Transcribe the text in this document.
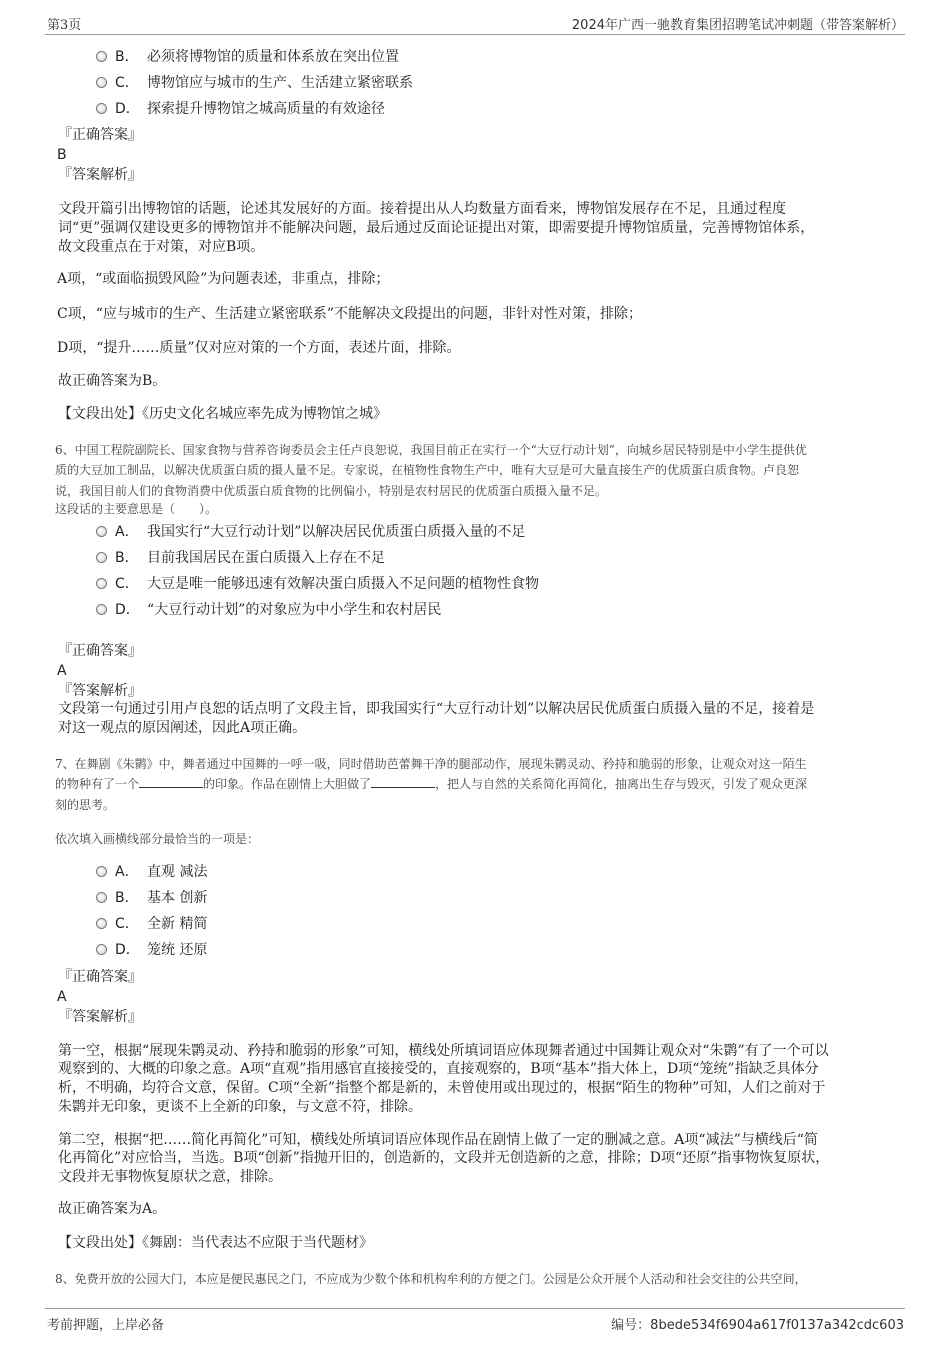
第3页	2024年广西一驰教育集团招聘笔试冲刺题（带答案解析）
B． 必须将博物馆的质量和体系放在突出位置
C． 博物馆应与城市的生产、生活建立紧密联系
D． 探索提升博物馆之城高质量的有效途径
『正确答案』
B
『答案解析』
文段开篇引出博物馆的话题，论述其发展好的方面。接着提出从人均数量方面看来，博物馆发展存在不足，且通过程度
词“更”强调仅建设更多的博物馆并不能解决问题，最后通过反面论证提出对策，即需要提升博物馆质量，完善博物馆体系，
故文段重点在于对策，对应B项。
A项，“或面临损毁风险”为问题表述，非重点，排除；
C项，“应与城市的生产、生活建立紧密联系”不能解决文段提出的问题，非针对性对策，排除；
D项，“提升……质量”仅对应对策的一个方面，表述片面，排除。
故正确答案为B。
【文段出处】《历史文化名城应率先成为博物馆之城》
6、中国工程院副院长、国家食物与营养咨询委员会主任卢良恕说，我国目前正在实行一个“大豆行动计划”，向城乡居民特别是中小学生提供优
质的大豆加工制品，以解决优质蛋白质的摄人量不足。专家说，在植物性食物生产中，唯有大豆是可大量直接生产的优质蛋白质食物。卢良恕
说，我国目前人们的食物消费中优质蛋白质食物的比例偏小，特别是农村居民的优质蛋白质摄入量不足。
这段话的主要意思是（　　）。
A． 我国实行“大豆行动计划”以解决居民优质蛋白质摄入量的不足
B． 目前我国居民在蛋白质摄入上存在不足
C． 大豆是唯一能够迅速有效解决蛋白质摄入不足问题的植物性食物
D． “大豆行动计划”的对象应为中小学生和农村居民
『正确答案』
A
『答案解析』
文段第一句通过引用卢良恕的话点明了文段主旨，即我国实行“大豆行动计划”以解决居民优质蛋白质摄入量的不足，接着是
对这一观点的原因阐述，因此A项正确。
7、在舞剧《朱鹮》中，舞者通过中国舞的一呼一吸，同时借助芭蕾舞干净的腿部动作，展现朱鹮灵动、矜持和脆弱的形象，让观众对这一陌生
的物种有了一个	的印象。作品在剧情上大胆做了	，把人与自然的关系简化再简化，抽离出生存与毁灭，引发了观众更深
刻的思考。
依次填入画横线部分最恰当的一项是：
A． 直观 减法
B． 基本 创新
C． 全新 精简
D． 笼统 还原
『正确答案』
A
『答案解析』
第一空，根据“展现朱鹮灵动、矜持和脆弱的形象”可知，横线处所填词语应体现舞者通过中国舞让观众对“朱鹮”有了一个可以
观察到的、大概的印象之意。A项“直观”指用感官直接接受的，直接观察的，B项“基本”指大体上，D项“笼统”指缺乏具体分
析，不明确，均符合文意，保留。C项“全新”指整个都是新的，未曾使用或出现过的，根据“陌生的物种”可知，人们之前对于
朱鹮并无印象，更谈不上全新的印象，与文意不符，排除。
第二空，根据“把……简化再简化”可知，横线处所填词语应体现作品在剧情上做了一定的删减之意。A项“减法”与横线后“简
化再简化”对应恰当，当选。B项“创新”指抛开旧的，创造新的，文段并无创造新的之意，排除；D项“还原”指事物恢复原状，
文段并无事物恢复原状之意，排除。
故正确答案为A。
【文段出处】《舞剧：当代表达不应限于当代题材》
8、免费开放的公园大门，本应是便民惠民之门，不应成为少数个体和机构牟利的方便之门。公园是公众开展个人活动和社会交往的公共空间，
考前押题，上岸必备	编号：8bede534f6904a617f0137a342cdc603
